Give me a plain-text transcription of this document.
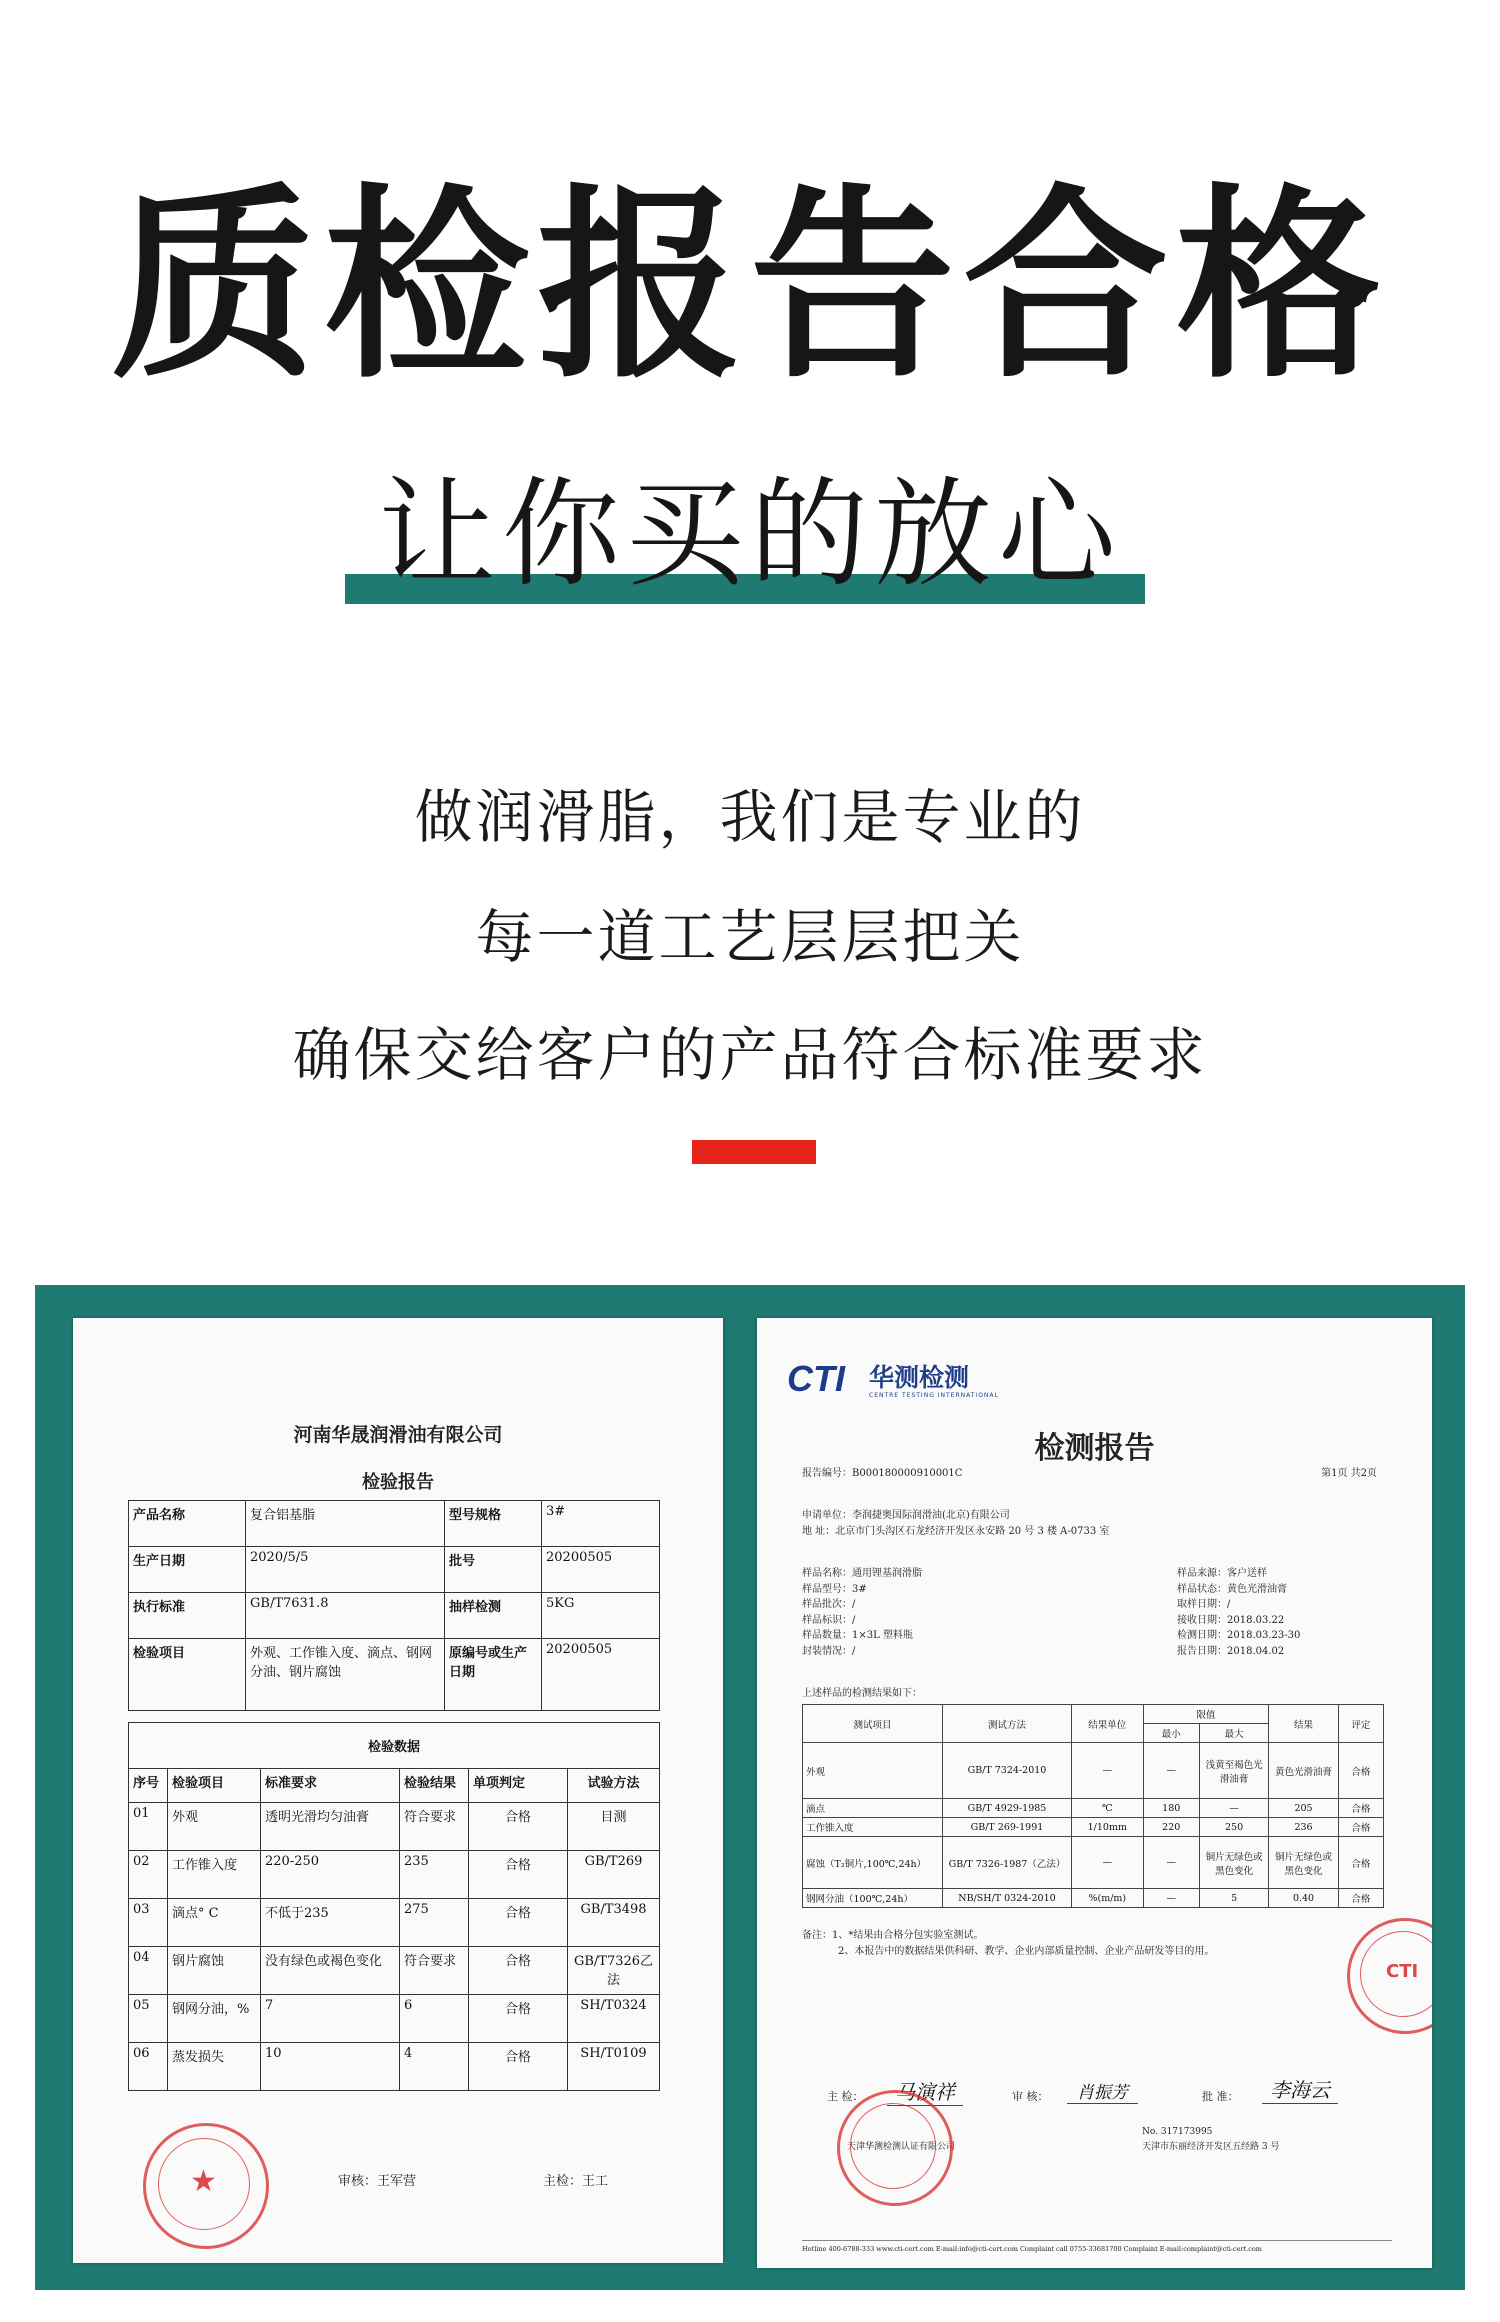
质检报告合格
让你买的放心
做润滑脂，我们是专业的
每一道工艺层层把关
确保交给客户的产品符合标准要求
河南华晟润滑油有限公司
检验报告
产品名称	复合铝基脂	型号规格	3#
生产日期	2020/5/5	批号	20200505
执行标准	GB/T7631.8	抽样检测	5KG
检验项目	外观、工作锥入度、滴点、钢网分油、钢片腐蚀	原编号或生产日期	20200505
检验数据					
序号	检验项目	标准要求	检验结果	单项判定	试验方法
01	外观	透明光滑均匀油膏	符合要求	合格	目测
02	工作锥入度	220-250	235	合格	GB/T269
03	滴点° C	不低于235	275	合格	GB/T3498
04	钢片腐蚀	没有绿色或褐色变化	符合要求	合格	GB/T7326乙法
05	钢网分油，%	7	6	合格	SH/T0324
06	蒸发损失	10	4	合格	SH/T0109
审核：王军营	主检：王工
★
CTI 华测检测
CENTRE TESTING INTERNATIONAL
检测报告
报告编号：B000180000910001C	第1页 共2页
申请单位：李润捷奥国际润滑油(北京)有限公司
地 址：北京市门头沟区石龙经济开发区永安路 20 号 3 楼 A-0733 室
样品名称：通用锂基润滑脂
样品型号：3#
样品批次：/
样品标识：/
样品数量：1×3L 塑料瓶
封装情况：/
样品来源：客户送样
样品状态：黄色光滑油膏
取样日期：/
接收日期：2018.03.22
检测日期：2018.03.23-30
报告日期：2018.04.02
上述样品的检测结果如下：
测试项目	测试方法	结果单位	限值		结果	评定
			最小	最大		
外观	GB/T 7324-2010	—	—	浅黄至褐色光滑油膏	黄色光滑油膏	合格
滴点	GB/T 4929-1985	℃	180	—	205	合格
工作锥入度	GB/T 269-1991	1/10mm	220	250	236	合格
腐蚀（T₂铜片,100℃,24h）	GB/T 7326-1987（乙法）	—	—	铜片无绿色或黑色变化	铜片无绿色或黑色变化	合格
钢网分油（100℃,24h）	NB/SH/T 0324-2010	%(m/m)	—	5	0.40	合格
备注：1、*结果由合格分包实验室测试。
2、本报告中的数据结果供科研、教学、企业内部质量控制、企业产品研发等目的用。
主 检：	马演祥	审 核：	肖振芳	批 准：	李海云
No. 317173995
天津市东丽经济开发区五经路 3 号
天津华测检测认证有限公司
CTI
Hotline 400-6788-333 www.cti-cert.com E-mail:info@cti-cert.com Complaint call 0755-33681700 Complaint E-mail:complaint@cti-cert.com
